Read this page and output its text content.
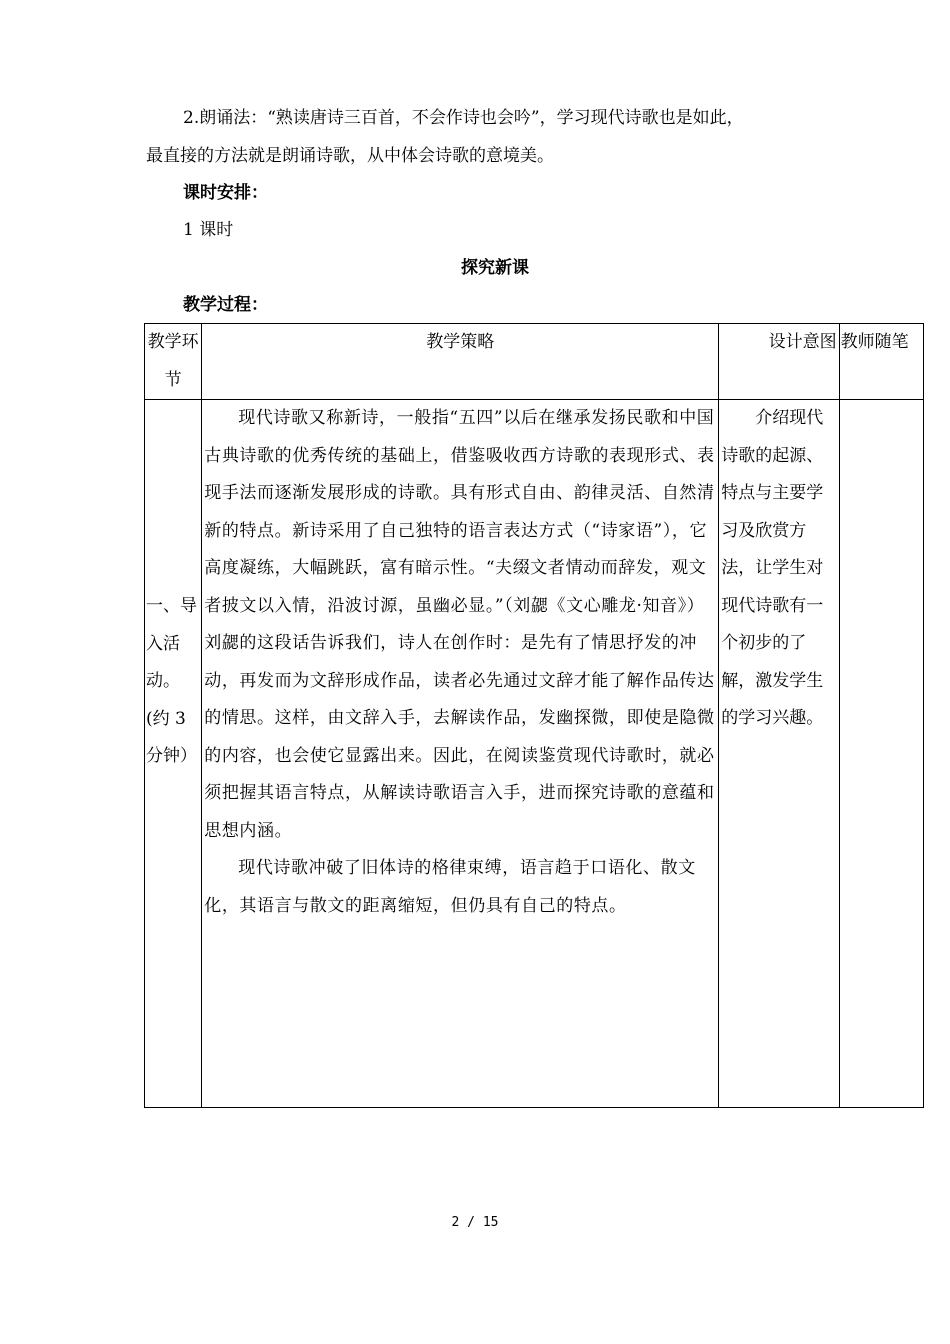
2.朗诵法：“熟读唐诗三百首，不会作诗也会吟”，学习现代诗歌也是如此，
最直接的方法就是朗诵诗歌，从中体会诗歌的意境美。
课时安排：
1 课时
探究新课
教学过程：
教学环节	教学策略	设计意图	教师随笔

一、导入活动。(约 3 分钟）	现代诗歌又称新诗，一般指“五四”以后在继承发扬民歌和中国古典诗歌的优秀传统的基础上，借鉴吸收西方诗歌的表现形式、表现手法而逐渐发展形成的诗歌。具有形式自由、韵律灵活、自然清新的特点。新诗采用了自己独特的语言表达方式（“诗家语”），它高度凝练，大幅跳跃，富有暗示性。“夫缀文者情动而辞发，观文者披文以入情，沿波讨源，虽幽必显。”（刘勰《文心雕龙·知音》）刘勰的这段话告诉我们，诗人在创作时：是先有了情思抒发的冲动，再发而为文辞形成作品，读者必先通过文辞才能了解作品传达的情思。这样，由文辞入手，去解读作品，发幽探微，即使是隐微的内容，也会使它显露出来。因此，在阅读鉴赏现代诗歌时，就必须把握其语言特点，从解读诗歌语言入手，进而探究诗歌的意蕴和思想内涵。

现代诗歌冲破了旧体诗的格律束缚，语言趋于口语化、散文化，其语言与散文的距离缩短，但仍具有自己的特点。	介绍现代诗歌的起源、特点与主要学习及欣赏方法，让学生对现代诗歌有一个初步的了解，激发学生的学习兴趣。	

2 / 15
